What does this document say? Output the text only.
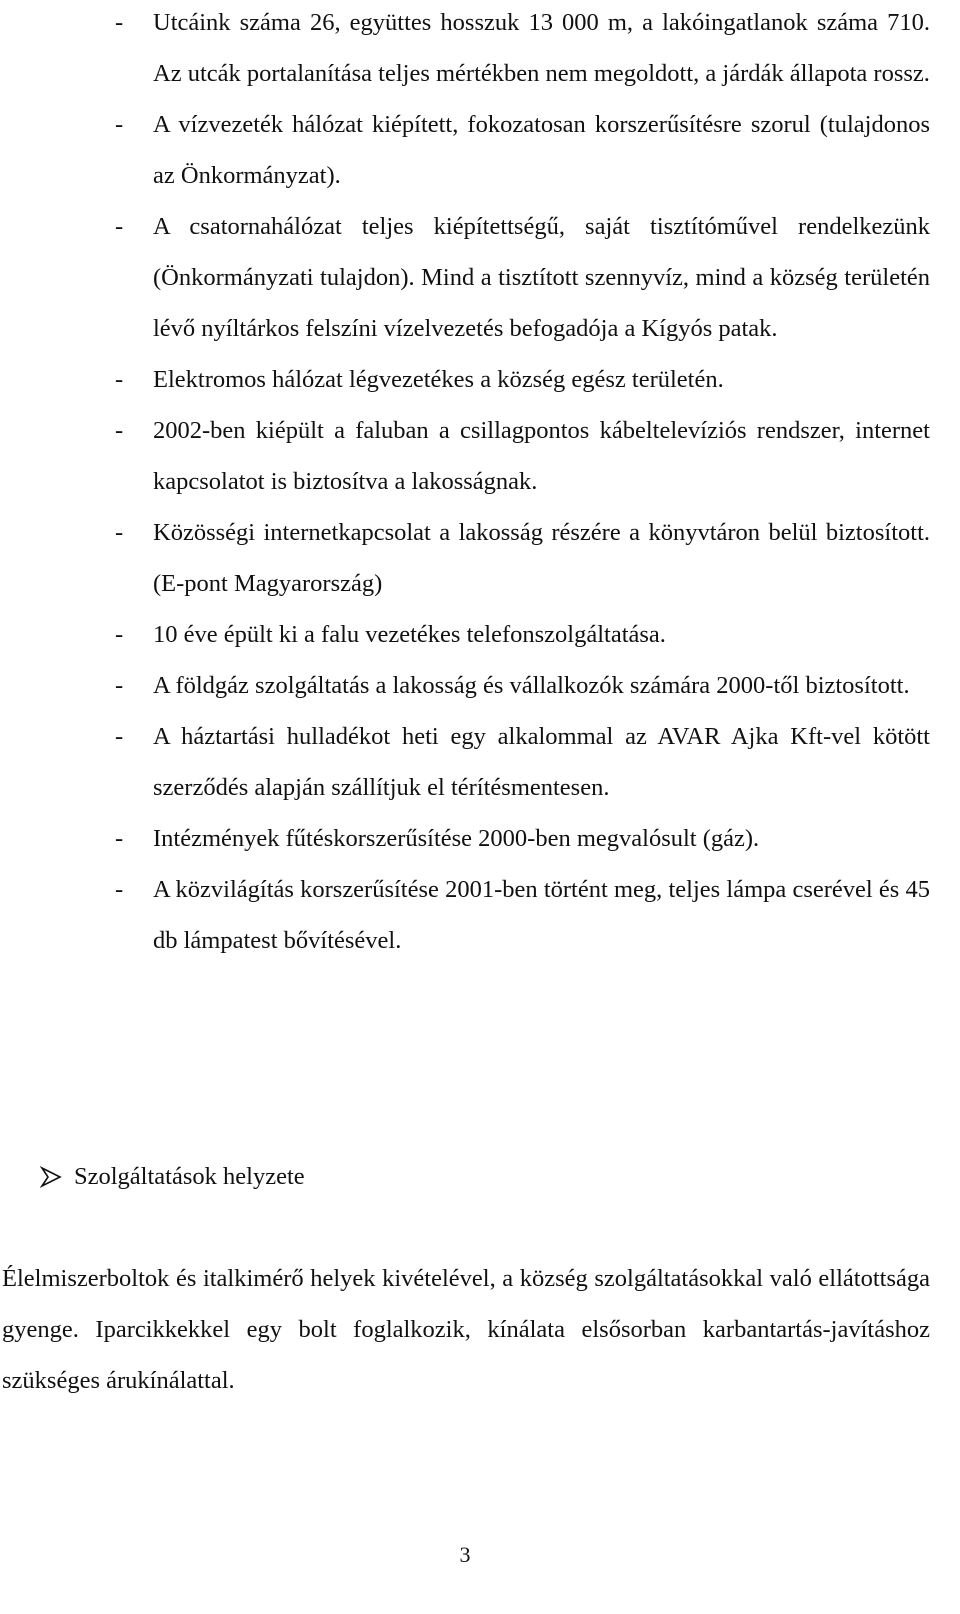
- Utcáink száma 26, együttes hosszuk 13 000 m, a lakóingatlanok száma 710. Az utcák portalanítása teljes mértékben nem megoldott, a járdák állapota rossz.
- A vízvezeték hálózat kiépített, fokozatosan korszerűsítésre szorul (tulajdonos az Önkormányzat).
- A csatornahálózat teljes kiépítettségű, saját tisztítóművel rendelkezünk (Önkormányzati tulajdon). Mind a tisztított szennyvíz, mind a község területén lévő nyíltárkos felszíni vízelvezetés befogadója a Kígyós patak.
- Elektromos hálózat légvezetékes a község egész területén.
- 2002-ben kiépült a faluban a csillagpontos kábeltelevíziós rendszer, internet kapcsolatot is biztosítva a lakosságnak.
- Közösségi internetkapcsolat a lakosság részére a könyvtáron belül biztosított. (E-pont Magyarország)
- 10 éve épült ki a falu vezetékes telefonszolgáltatása.
- A földgáz szolgáltatás a lakosság és vállalkozók számára 2000-től biztosított.
- A háztartási hulladékot heti egy alkalommal az AVAR Ajka Kft-vel kötött szerződés alapján szállítjuk el térítésmentesen.
- Intézmények fűtéskorszerűsítése 2000-ben megvalósult (gáz).
- A közvilágítás korszerűsítése 2001-ben történt meg, teljes lámpa cserével és 45 db lámpatest bővítésével.
Szolgáltatások helyzete
Élelmiszerboltok és italkimérő helyek kivételével, a község szolgáltatásokkal való ellátottsága gyenge. Iparcikkekkel egy bolt foglalkozik, kínálata elsősorban karbantartás-javításhoz szükséges árukínálattal.
3
